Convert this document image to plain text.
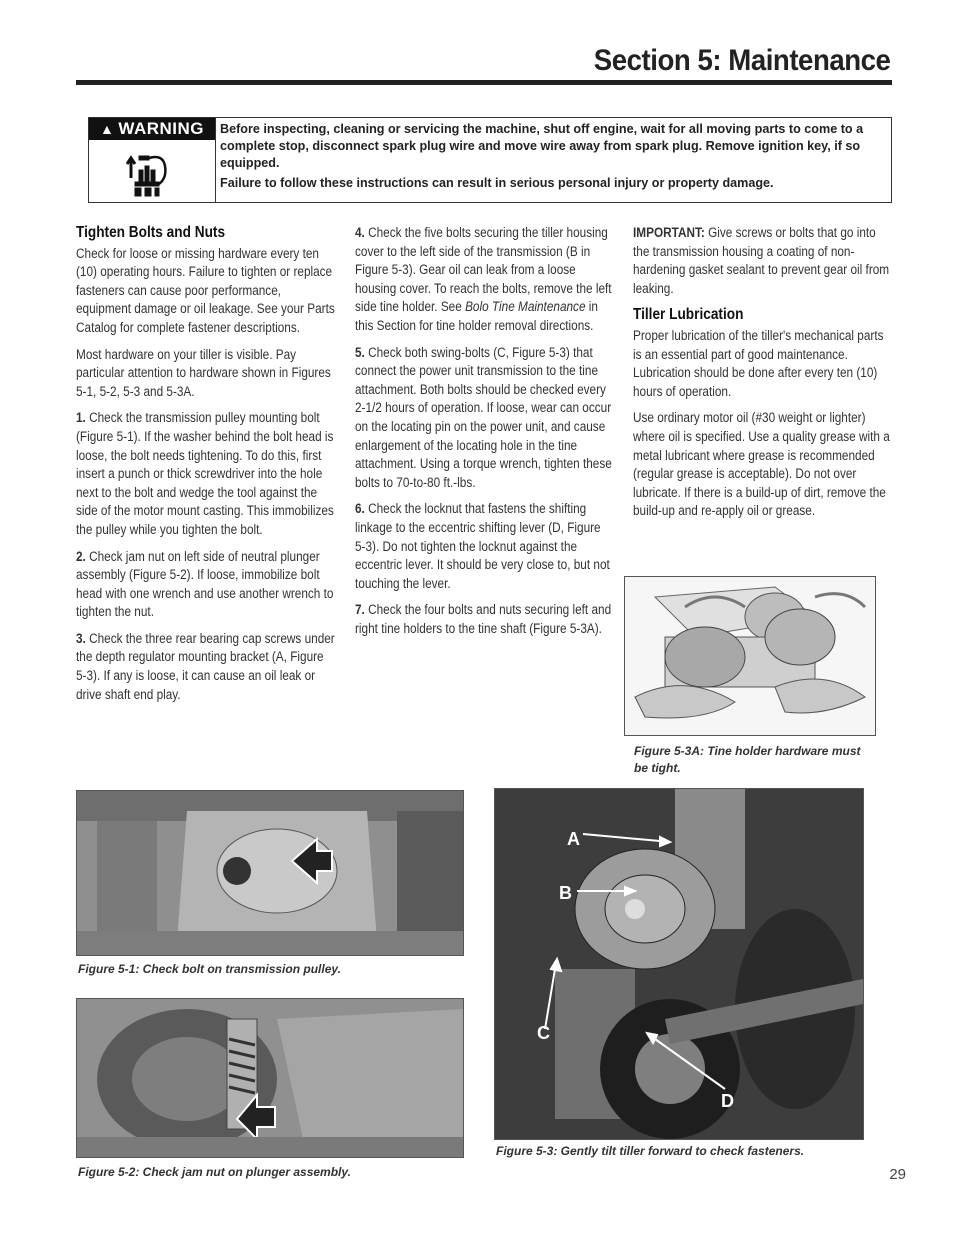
Section 5: Maintenance
▲ WARNING	Before inspecting, cleaning or servicing the machine, shut off engine, wait for all moving parts to come to a complete stop, disconnect spark plug wire and move wire away from spark plug. Remove ignition key, if so equipped.

Failure to follow these instructions can result in serious personal injury or property damage.

Tighten Bolts and Nuts

Check for loose or missing hardware every ten (10) operating hours. Failure to tighten or replace fasteners can cause poor performance, equipment damage or oil leakage. See your Parts Catalog for complete fastener descriptions.

Most hardware on your tiller is visible. Pay particular attention to hardware shown in Figures 5-1, 5-2, 5-3 and 5-3A.

1. Check the transmission pulley mounting bolt (Figure 5-1). If the washer behind the bolt head is loose, the bolt needs tightening. To do this, first insert a punch or thick screwdriver into the hole next to the bolt and wedge the tool against the side of the motor mount casting. This immobilizes the pulley while you tighten the bolt.

2. Check jam nut on left side of neutral plunger assembly (Figure 5-2). If loose, immobilize bolt head with one wrench and use another wrench to tighten the nut.

3. Check the three rear bearing cap screws under the depth regulator mounting bracket (A, Figure 5-3). If any is loose, it can cause an oil leak or drive shaft end play.

4. Check the five bolts securing the tiller housing cover to the left side of the transmission (B in Figure 5-3). Gear oil can leak from a loose housing cover. To reach the bolts, remove the left side tine holder. See Bolo Tine Maintenance in this Section for tine holder removal directions.

5. Check both swing-bolts (C, Figure 5-3) that connect the power unit transmission to the tine attachment. Both bolts should be checked every 2-1/2 hours of operation. If loose, wear can occur on the locating pin on the power unit, and cause enlargement of the locating hole in the tine attachment. Using a torque wrench, tighten these bolts to 70-to-80 ft.-lbs.

6. Check the locknut that fastens the shifting linkage to the eccentric shifting lever (D, Figure 5-3). Do not tighten the locknut against the eccentric lever. It should be very close to, but not touching the lever.

7. Check the four bolts and nuts securing left and right tine holders to the tine shaft (Figure 5-3A).

IMPORTANT: Give screws or bolts that go into the transmission housing a coating of non-hardening gasket sealant to prevent gear oil from leaking.

Tiller Lubrication

Proper lubrication of the tiller's mechanical parts is an essential part of good maintenance. Lubrication should be done after every ten (10) hours of operation.

Use ordinary motor oil (#30 weight or lighter) where oil is specified. Use a quality grease with a metal lubricant where grease is recommended (regular grease is acceptable). Do not over lubricate. If there is a build-up of dirt, remove the build-up and re-apply oil or grease.

Figure 5-3A: Tine holder hardware must be tight.
Figure 5-1: Check bolt on transmission pulley.
Figure 5-2: Check jam nut on plunger assembly.
A
B
C
D
Figure 5-3: Gently tilt tiller forward to check fasteners.
29
